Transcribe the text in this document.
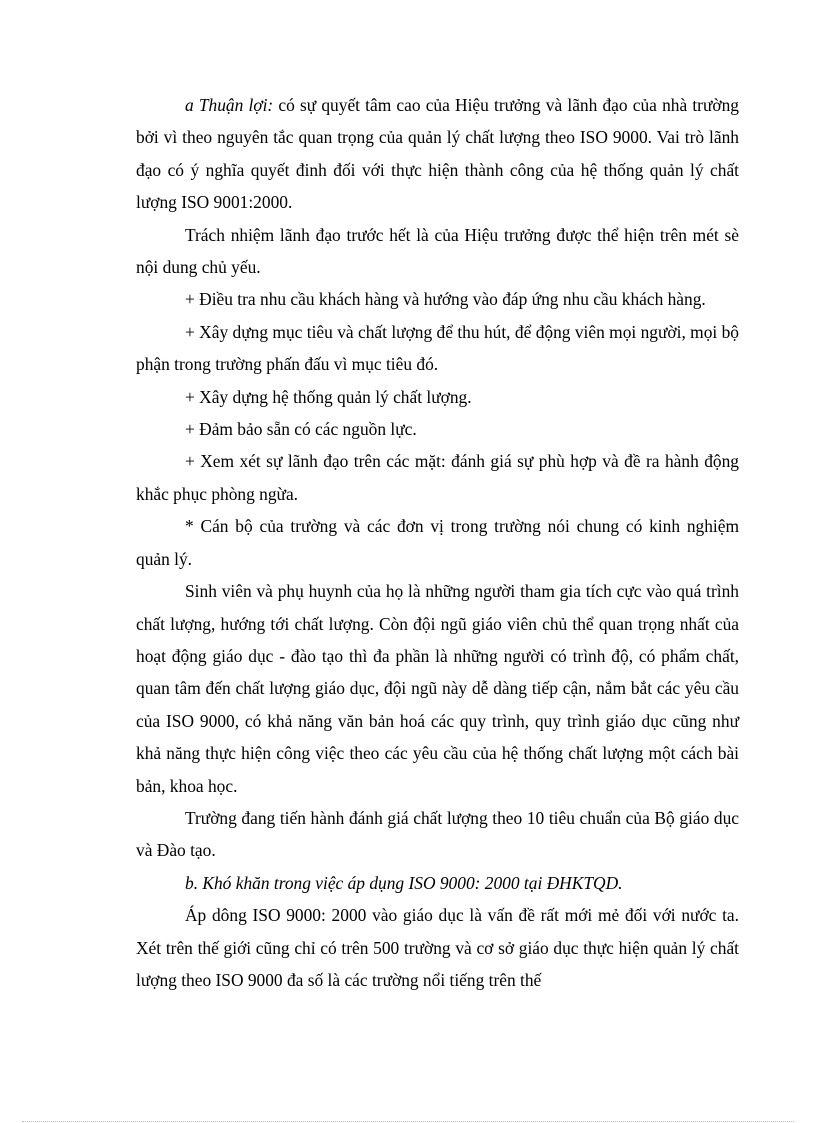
a Thuận lợi: có sự quyết tâm cao của Hiệu trưởng và lãnh đạo của nhà trường bởi vì theo nguyên tắc quan trọng của quản lý chất lượng theo ISO 9000. Vai trò lãnh đạo có ý nghĩa quyết đinh đối với thực hiện thành công của hệ thống quản lý chất lượng ISO 9001:2000.

Trách nhiệm lãnh đạo trước hết là của Hiệu trưởng được thể hiện trên mét sè nội dung chủ yếu.

+ Điều tra nhu cầu khách hàng và hướng vào đáp ứng nhu cầu khách hàng.

+ Xây dựng mục tiêu và chất lượng để thu hút, để động viên mọi người, mọi bộ phận trong trường phấn đấu vì mục tiêu đó.

+ Xây dựng hệ thống quản lý chất lượng.

+ Đảm bảo sẵn có các nguồn lực.

+ Xem xét sự lãnh đạo trên các mặt: đánh giá sự phù hợp và đề ra hành động khắc phục phòng ngừa.

* Cán bộ của trường và các đơn vị trong trường nói chung có kinh nghiệm quản lý.

Sinh viên và phụ huynh của họ là những người tham gia tích cực vào quá trình chất lượng, hướng tới chất lượng. Còn đội ngũ giáo viên chủ thể quan trọng nhất của hoạt động giáo dục - đào tạo thì đa phần là những người có trình độ, có phẩm chất, quan tâm đến chất lượng giáo dục, đội ngũ này dễ dàng tiếp cận, nắm bắt các yêu cầu của ISO 9000, có khả năng văn bản hoá các quy trình, quy trình giáo dục cũng như khả năng thực hiện công việc theo các yêu cầu của hệ thống chất lượng một cách bài bản, khoa học.

Trường đang tiến hành đánh giá chất lượng theo 10 tiêu chuẩn của Bộ giáo dục và Đào tạo.

b. Khó khăn trong việc áp dụng ISO 9000: 2000 tại ĐHKTQD.

Áp dông ISO 9000: 2000 vào giáo dục là vấn đề rất mới mẻ đối với nước ta. Xét trên thế giới cũng chỉ có trên 500 trường và cơ sở giáo dục thực hiện quản lý chất lượng theo ISO 9000 đa số là các trường nổi tiếng trên thế
